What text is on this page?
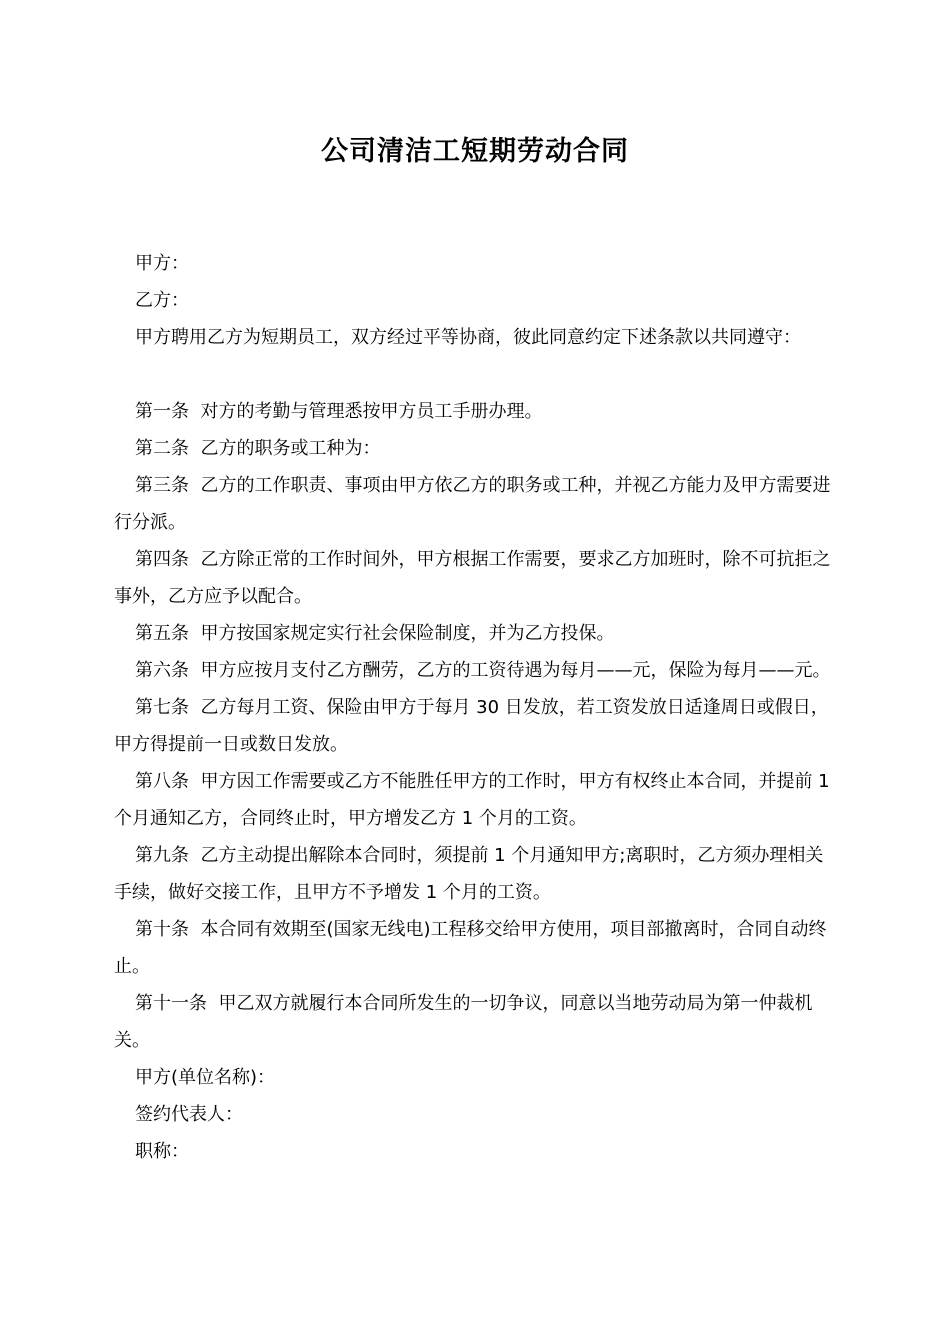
公司清洁工短期劳动合同

甲方：

乙方：

甲方聘用乙方为短期员工，双方经过平等协商，彼此同意约定下述条款以共同遵守：

第一条  对方的考勤与管理悉按甲方员工手册办理。

第二条  乙方的职务或工种为：

第三条  乙方的工作职责、事项由甲方依乙方的职务或工种，并视乙方能力及甲方需要进行分派。

第四条  乙方除正常的工作时间外，甲方根据工作需要，要求乙方加班时，除不可抗拒之事外，乙方应予以配合。

第五条  甲方按国家规定实行社会保险制度，并为乙方投保。

第六条  甲方应按月支付乙方酬劳，乙方的工资待遇为每月——元，保险为每月——元。

第七条  乙方每月工资、保险由甲方于每月 30 日发放，若工资发放日适逢周日或假日，甲方得提前一日或数日发放。

第八条  甲方因工作需要或乙方不能胜任甲方的工作时，甲方有权终止本合同，并提前 1 个月通知乙方，合同终止时，甲方增发乙方 1 个月的工资。

第九条  乙方主动提出解除本合同时，须提前 1 个月通知甲方;离职时，乙方须办理相关手续，做好交接工作，且甲方不予增发 1 个月的工资。

第十条  本合同有效期至(国家无线电)工程移交给甲方使用，项目部撤离时，合同自动终止。

第十一条  甲乙双方就履行本合同所发生的一切争议，同意以当地劳动局为第一仲裁机关。

甲方(单位名称)：

签约代表人：

职称：
